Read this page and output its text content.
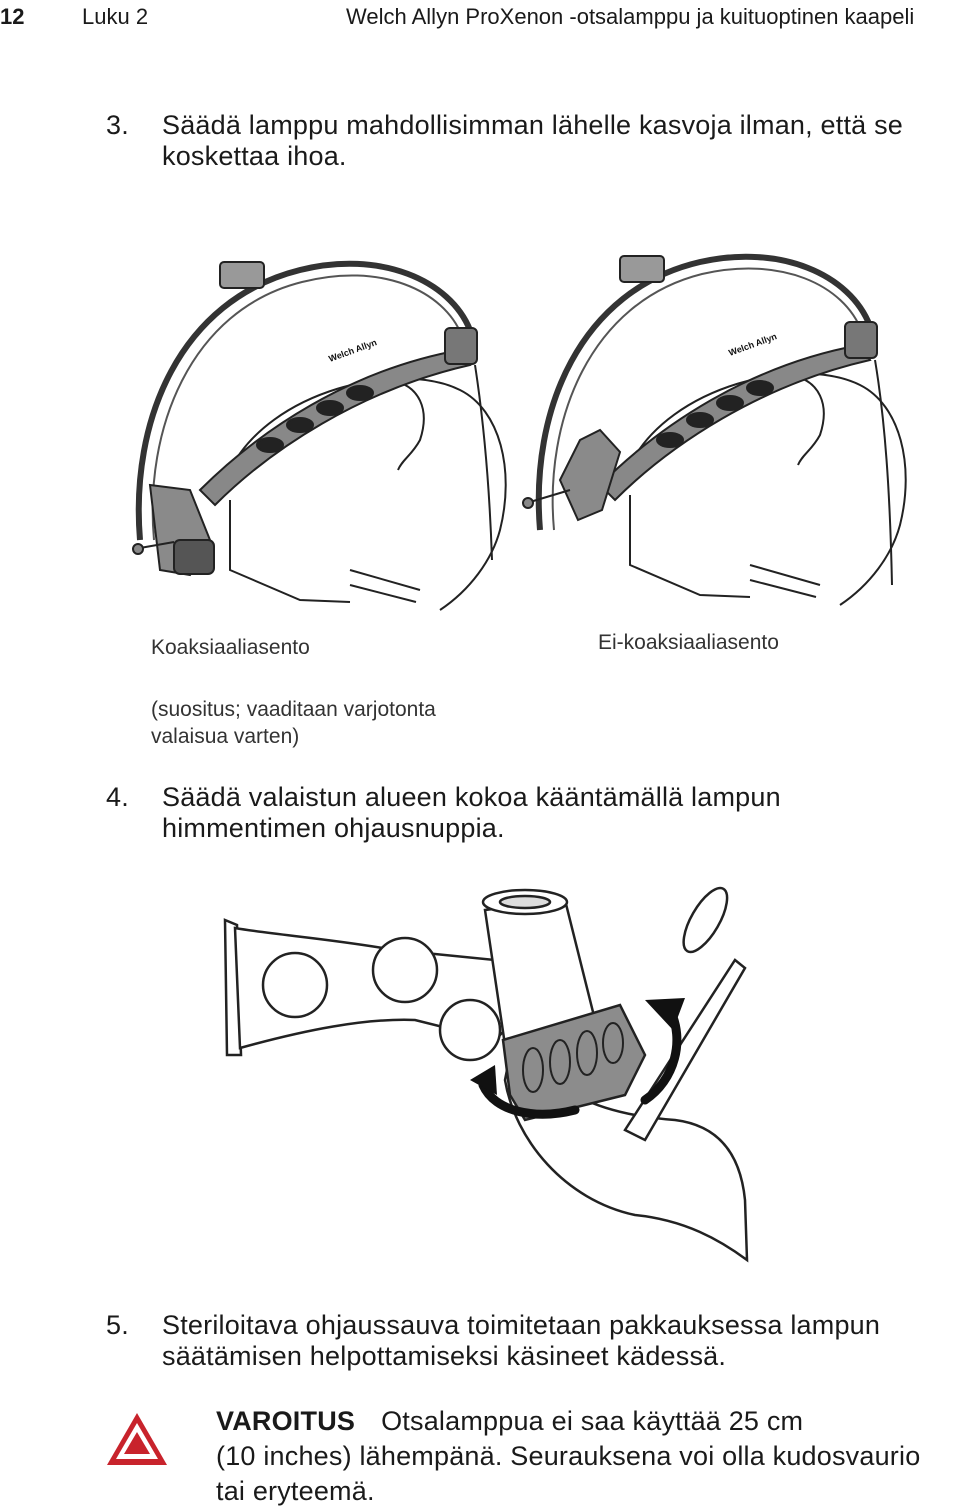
12	Luku 2	Welch Allyn ProXenon -otsalamppu ja kuituoptinen kaapeli
3. Säädä lamppu mahdollisimman lähelle kasvoja ilman, että se
koskettaa ihoa.
Welch Allyn	Welch Allyn
Koaksiaaliasento	Ei-koaksiaaliasento
(suositus; vaaditaan varjotonta
valaisua varten)
4. Säädä valaistun alueen kokoa kääntämällä lampun
himmentimen ohjausnuppia.
5. Steriloitava ohjaussauva toimitetaan pakkauksessa lampun
säätämisen helpottamiseksi käsineet kädessä.
VAROITUS Otsalamppua ei saa käyttää 25 cm
(10 inches) lähempänä. Seurauksena voi olla kudosvaurio
tai eryteemä.
